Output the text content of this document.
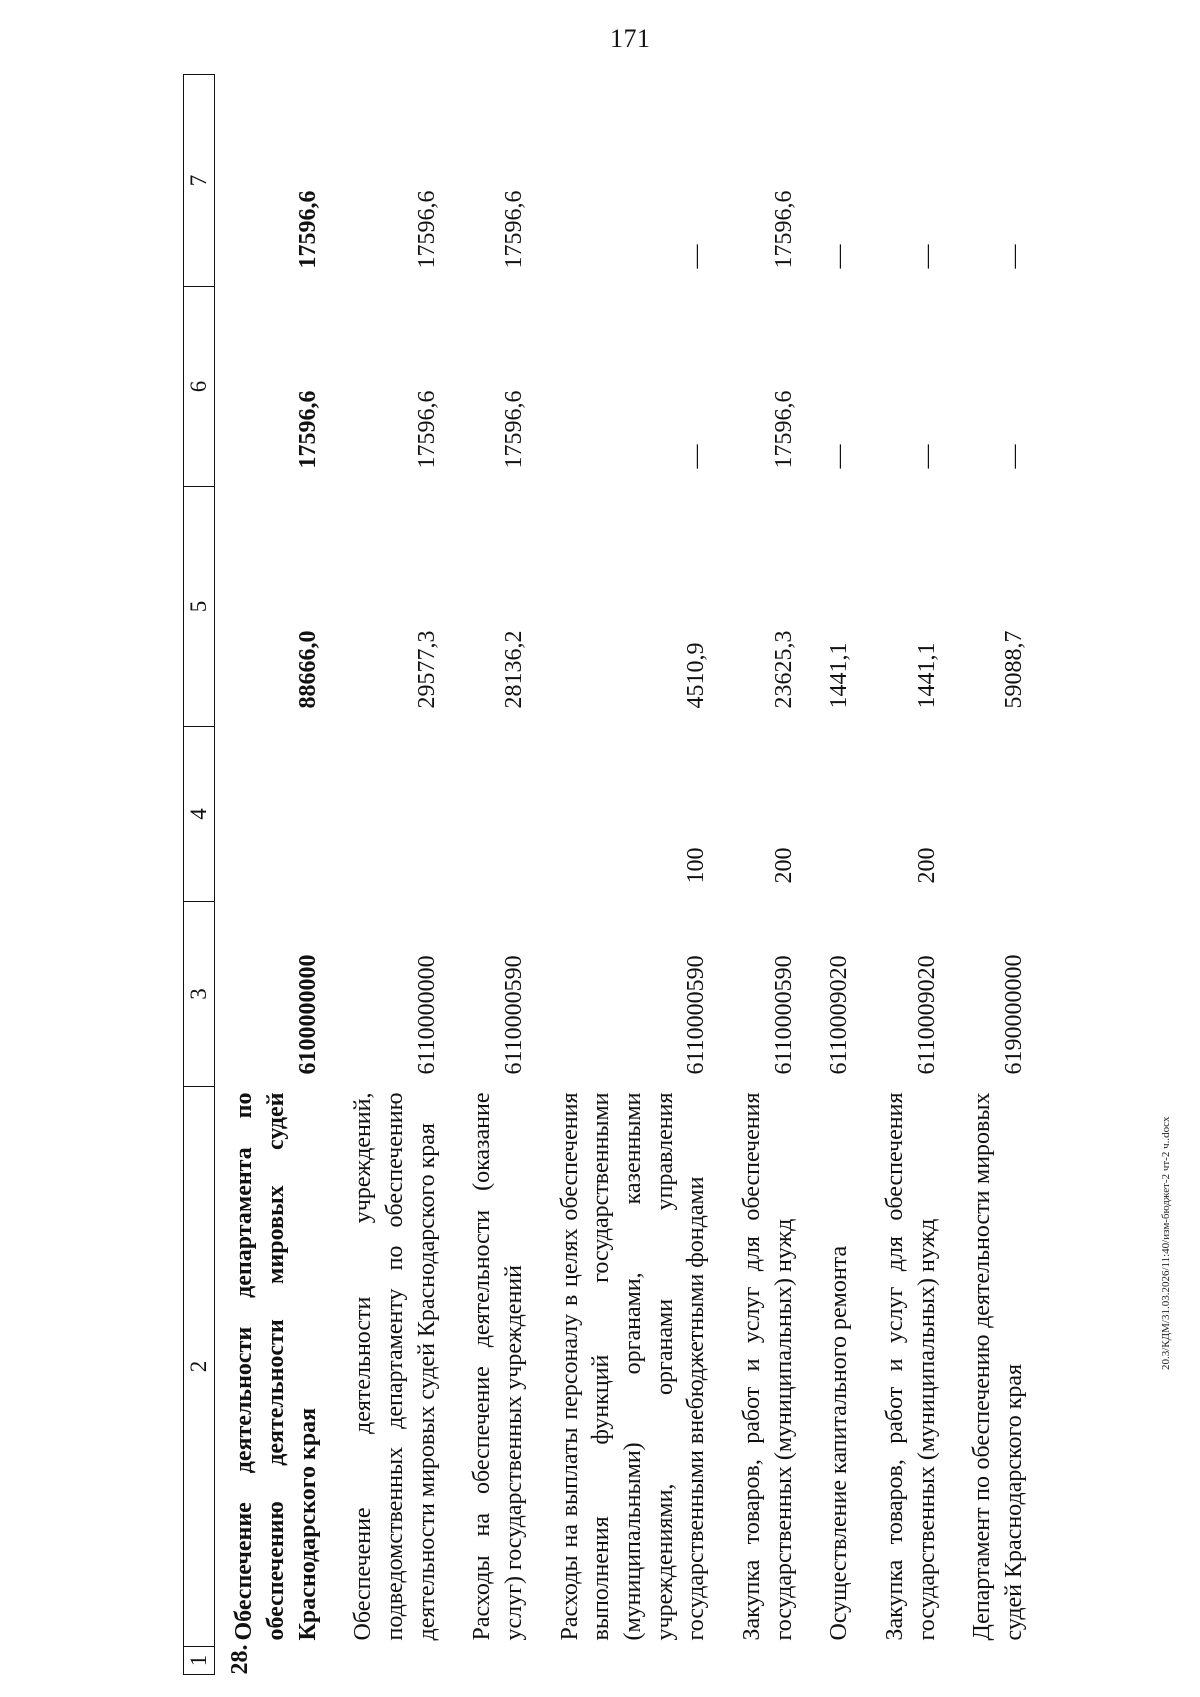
171
1	2	3	4	5	6	7
28.	Обеспечение деятельности департамента по обеспечению деятельности мировых судей Краснодарского края	6100000000		88666,0	17596,6	17596,6
	Обеспечение деятельности учреждений, подведомственных департаменту по обеспечению деятельности мировых судей Краснодарского края	6110000000		29577,3	17596,6	17596,6
	Расходы на обеспечение деятельности (оказание услуг) государственных учреждений	6110000590		28136,2	17596,6	17596,6
	Расходы на выплаты персоналу в целях обеспечения выполнения функций государственными (муниципальными) органами, казенными учреждениями, органами управления государственными внебюджетными фондами	6110000590	100	4510,9	—	—
	Закупка товаров, работ и услуг для обеспечения государственных (муниципальных) нужд	6110000590	200	23625,3	17596,6	17596,6
	Осуществление капитального ремонта	6110009020		1441,1	—	—
	Закупка товаров, работ и услуг для обеспечения государственных (муниципальных) нужд	6110009020	200	1441,1	—	—
	Департамент по обеспечению деятельности мировых судей Краснодарского края	6190000000		59088,7	—	—
20.3/КДМ/31.03.2026/11:40/изм-бюджет-2 чт-2 ч..docx
